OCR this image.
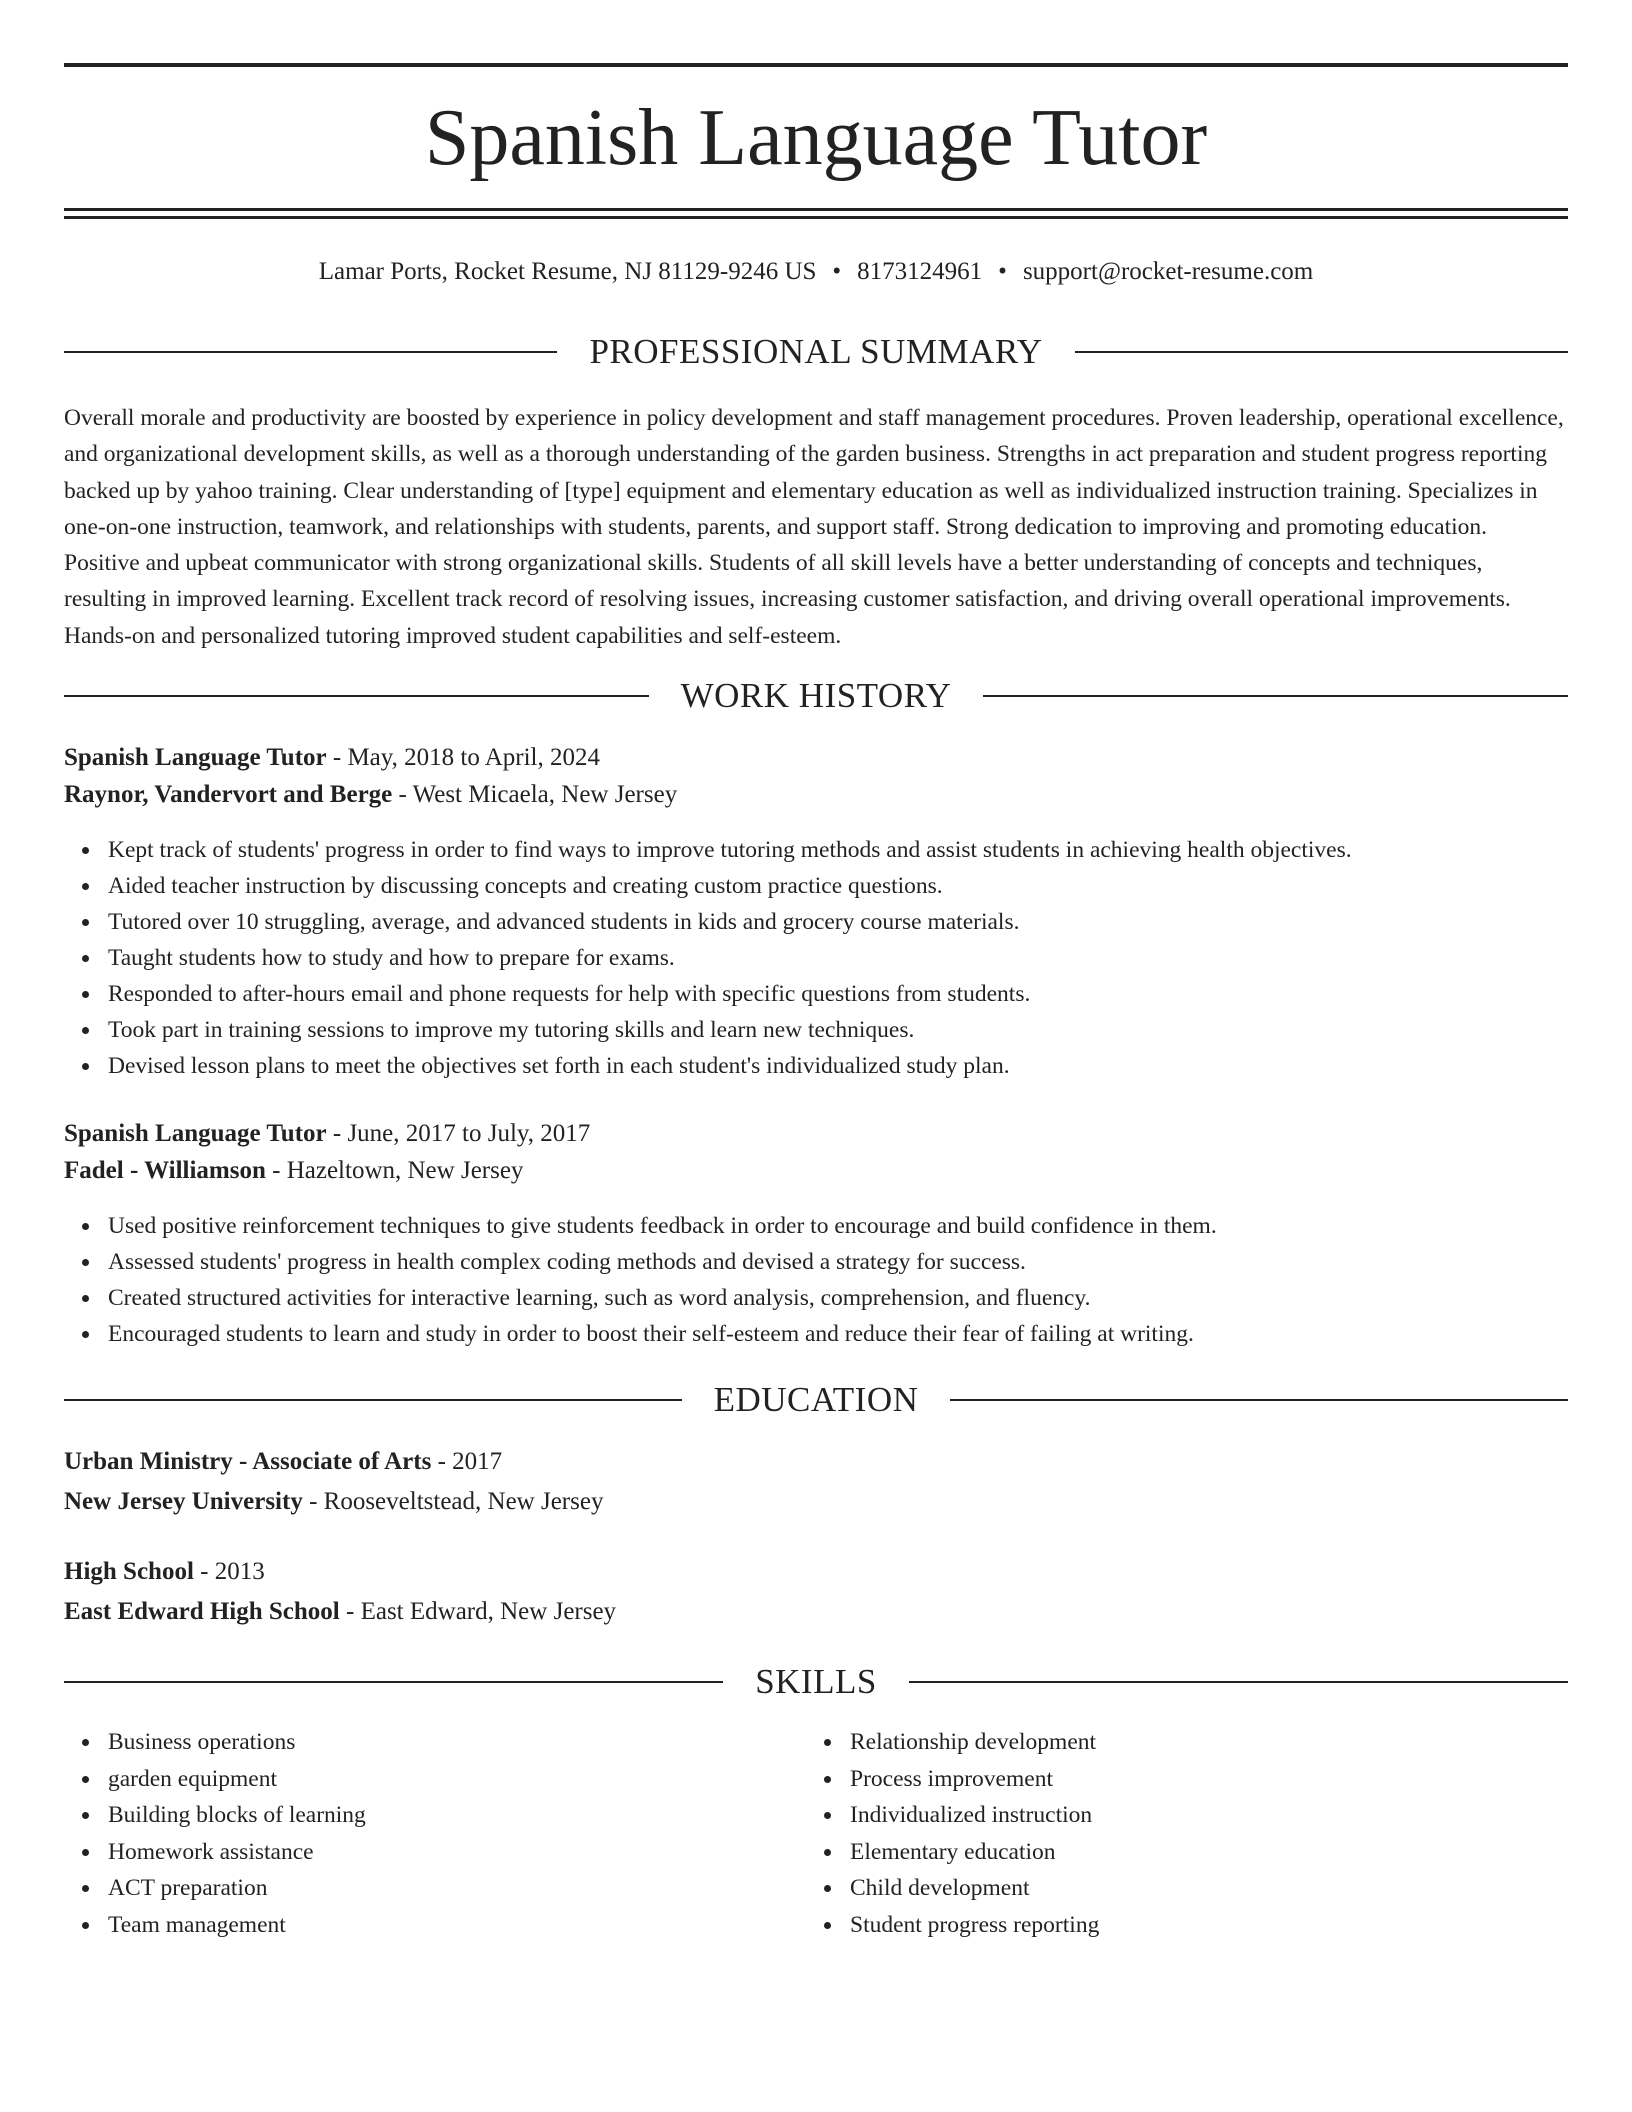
Spanish Language Tutor
Lamar Ports, Rocket Resume, NJ 81129-9246 US • 8173124961 • support@rocket-resume.com
PROFESSIONAL SUMMARY

Overall morale and productivity are boosted by experience in policy development and staff management procedures. Proven leadership, operational excellence, and organizational development skills, as well as a thorough understanding of the garden business. Strengths in act preparation and student progress reporting backed up by yahoo training. Clear understanding of [type] equipment and elementary education as well as individualized instruction training. Specializes in one-on-one instruction, teamwork, and relationships with students, parents, and support staff. Strong dedication to improving and promoting education. Positive and upbeat communicator with strong organizational skills. Students of all skill levels have a better understanding of concepts and techniques, resulting in improved learning. Excellent track record of resolving issues, increasing customer satisfaction, and driving overall operational improvements. Hands-on and personalized tutoring improved student capabilities and self-esteem.

WORK HISTORY
Spanish Language Tutor - May, 2018 to April, 2024
Raynor, Vandervort and Berge - West Micaela, New Jersey
Kept track of students' progress in order to find ways to improve tutoring methods and assist students in achieving health objectives.
Aided teacher instruction by discussing concepts and creating custom practice questions.
Tutored over 10 struggling, average, and advanced students in kids and grocery course materials.
Taught students how to study and how to prepare for exams.
Responded to after-hours email and phone requests for help with specific questions from students.
Took part in training sessions to improve my tutoring skills and learn new techniques.
Devised lesson plans to meet the objectives set forth in each student's individualized study plan.
Spanish Language Tutor - June, 2017 to July, 2017
Fadel - Williamson - Hazeltown, New Jersey
Used positive reinforcement techniques to give students feedback in order to encourage and build confidence in them.
Assessed students' progress in health complex coding methods and devised a strategy for success.
Created structured activities for interactive learning, such as word analysis, comprehension, and fluency.
Encouraged students to learn and study in order to boost their self-esteem and reduce their fear of failing at writing.
EDUCATION
Urban Ministry - Associate of Arts - 2017
New Jersey University - Rooseveltstead, New Jersey
High School - 2013
East Edward High School - East Edward, New Jersey
SKILLS
Business operations
garden equipment
Building blocks of learning
Homework assistance
ACT preparation
Team management
Relationship development
Process improvement
Individualized instruction
Elementary education
Child development
Student progress reporting
